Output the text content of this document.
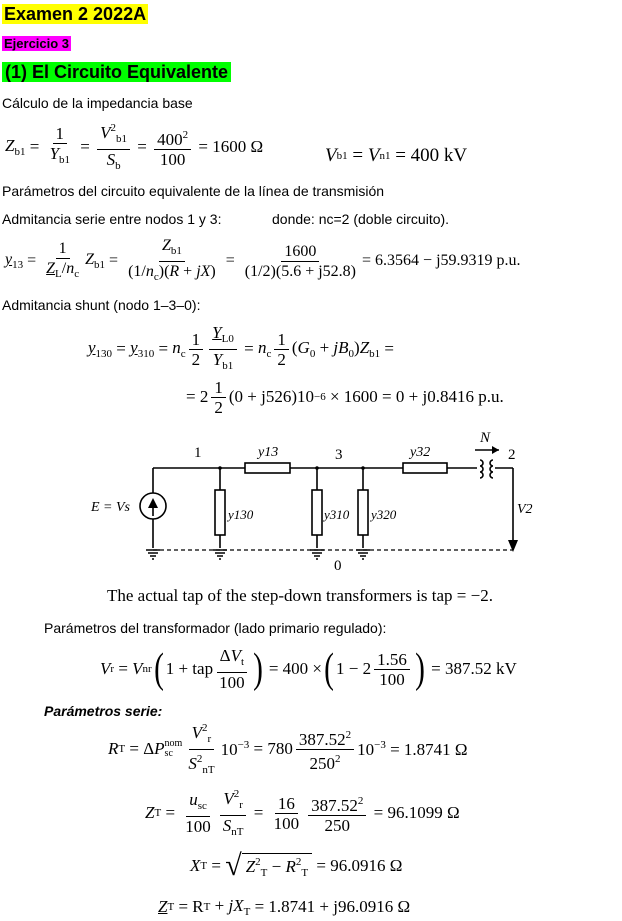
Examen 2 2022A
Ejercicio 3
(1) El Circuito Equivalente
Cálculo de la impedancia base
$Z_{b1} = \frac{1}{Y_{b1}} = \frac{V^2_{b1}}{S_b} = \frac{400^2}{100}$
= 1600 Ω	V b1 = V n1
= 400 kV
Parámetros del circuito equivalente de la línea de transmisión
Admitancia serie entre nodos 1 y 3:	donde: nc=2 (doble circuito).
$y_{13} = \frac{1}{Z_L/n_c} Z_{b1} = \frac{Z_{b1}}{(1/n_c)(R + jX)} = \frac{1600}{(1/2)(5.6 + j52.8)} = 6.3564 - j59.9319$ p.u.
Admitancia shunt (nodo 1–3–0):
$y_{130} = y_{310} = n_c \frac{1}{2} \frac{Y_{L0}}{Y_{b1}} = n_c \frac{1}{2} (G_0 + jB_0)Z_{b1}$ =
= $2 \frac{1}{2} (0 + j526)10 -6$
× 1600 = 0 + j0.8416 p.u.
1	3	2
0
y13	y32
y130	y310 y320
E = Vs	V2
N
The actual tap of the step-down transformers is tap = −2.
Parámetros del transformador (lado primario regulado):
V r = V nr ( 1 + tap $\frac{\Delta V_t}{100}$ )
= 400 × ( $1 - 2 \frac{1.56}{100}$ )
= 387.52 kV
Parámetros serie:
R T = ΔP nom
sc $\frac{V^2_r}{S^2_{nT}} 10^{-3}$
= $780 \frac{387.52^2}{250^2} 10^{-3} = 1.8741$ Ω
Z $T = \frac{u_{sc}}{100} \frac{V^2_r}{S_{nT}} = \frac{16}{100} \frac{387.52^2}{250}$
= 96.1099 Ω
X T = √ $Z^2_T - R^2_T$
= 96.0916 Ω
Z T
= R $T + jX_T = 1.8741 + j96.0916$ Ω
